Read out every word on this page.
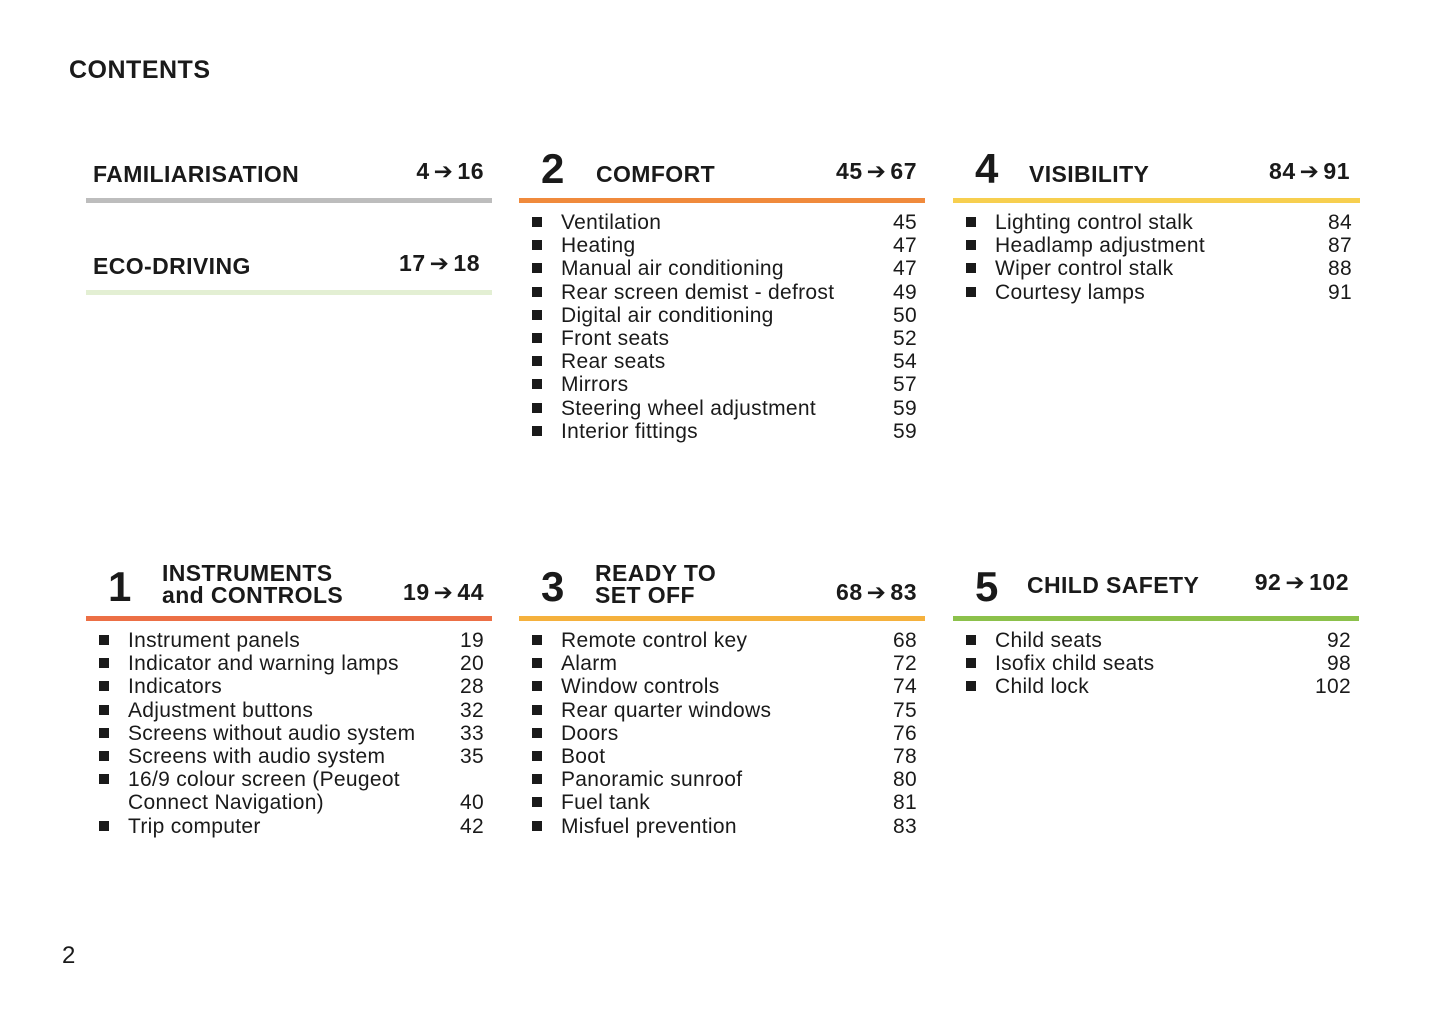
CONTENTS
FAMILIARISATION	4 ➔ 16
ECO-DRIVING	17 ➔ 18
2 COMFORT	45 ➔ 67
Ventilation	45
Heating	47
Manual air conditioning	47
Rear screen demist - defrost	49
Digital air conditioning	50
Front seats	52
Rear seats	54
Mirrors	57
Steering wheel adjustment	59
Interior fittings	59
4 VISIBILITY	84 ➔ 91
Lighting control stalk	84
Headlamp adjustment	87
Wiper control stalk	88
Courtesy lamps	91
1 INSTRUMENTS
and CONTROLS	19 ➔ 44
Instrument panels	19
Indicator and warning lamps	20
Indicators	28
Adjustment buttons	32
Screens without audio system 33
Screens with audio system	35
16/9 colour screen (Peugeot Connect Navigation)	40
Trip computer	42
3 READY TO
SET OFF	68 ➔ 83
Remote control key	68
Alarm	72
Window controls	74
Rear quarter windows	75
Doors	76
Boot	78
Panoramic sunroof	80
Fuel tank	81
Misfuel prevention	83
5 CHILD SAFETY 92 ➔ 102
Child seats	92
Isofix child seats	98
Child lock	102
2
